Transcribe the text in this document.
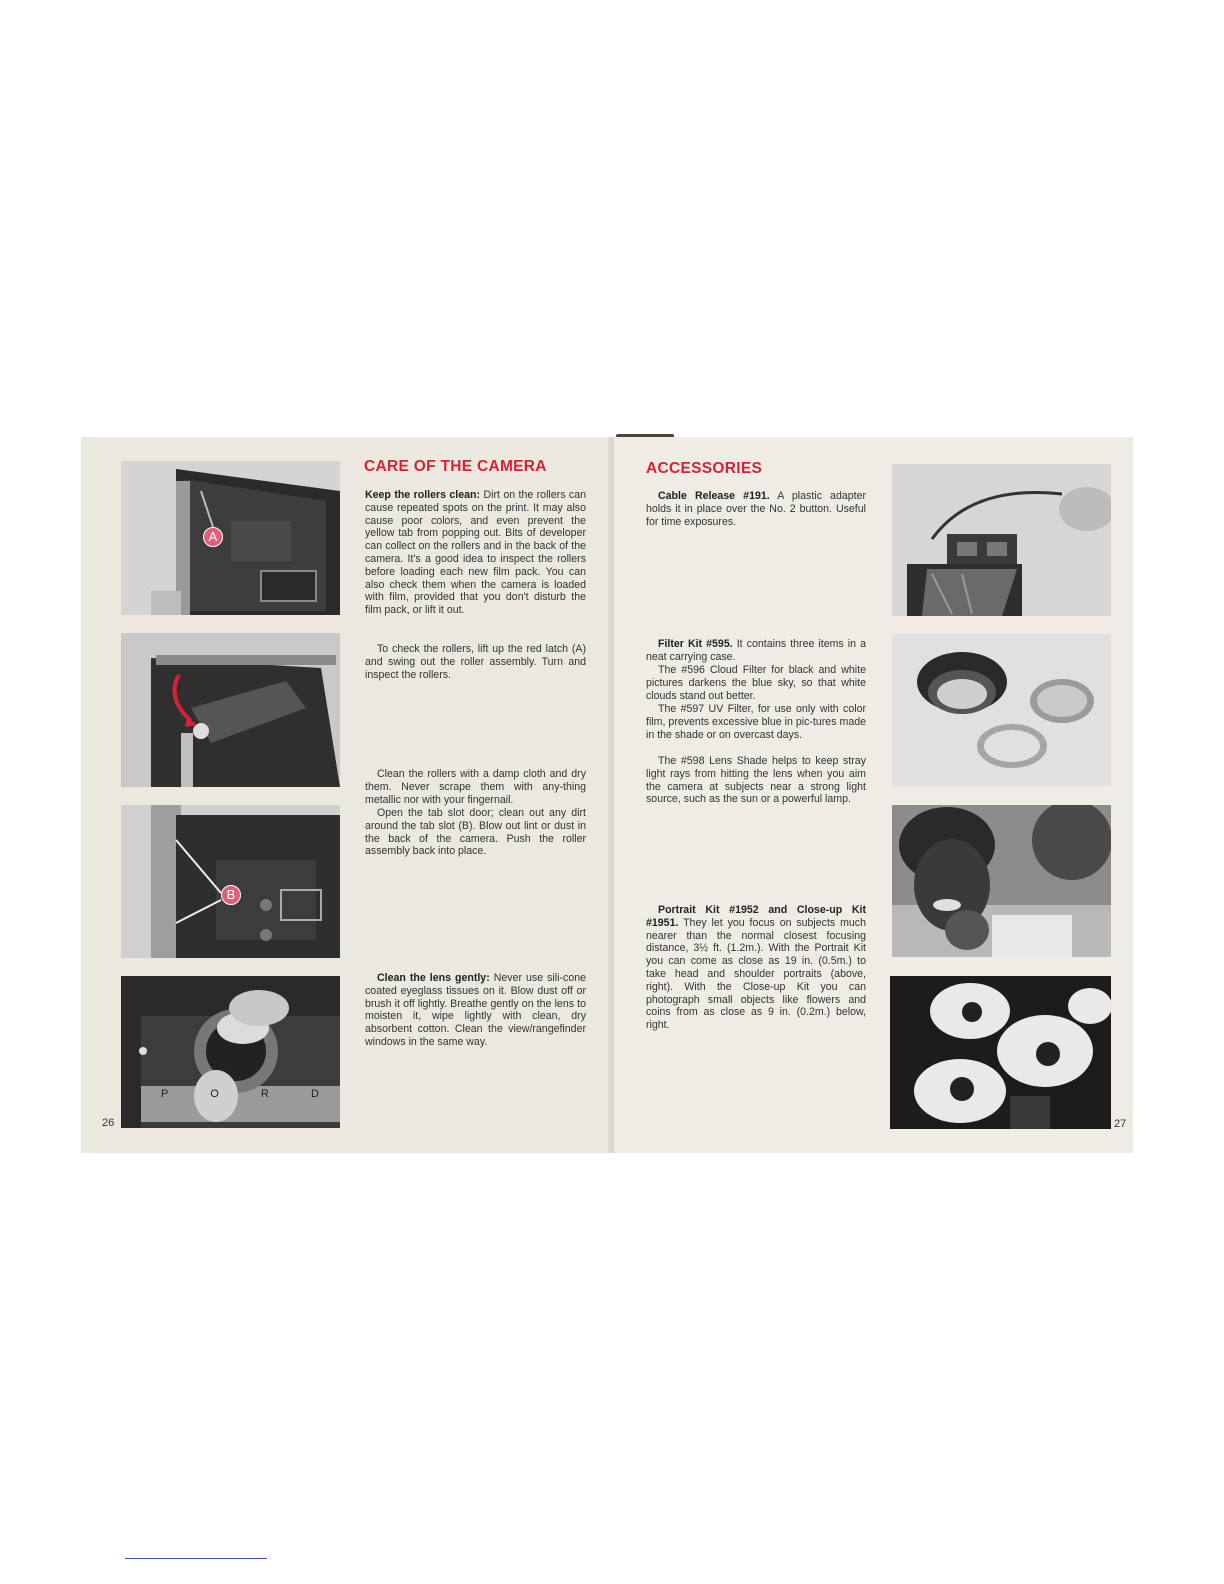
A
B
P  O  R  D
CARE OF THE CAMERA

Keep the rollers clean: Dirt on the rollers can cause repeated spots on the print. It may also cause poor colors, and even prevent the yellow tab from popping out. Bits of developer can collect on the rollers and in the back of the camera. It's a good idea to inspect the rollers before loading each new film pack. You can also check them when the camera is loaded with film, provided that you don't disturb the film pack, or lift it out.

To check the rollers, lift up the red latch (A) and swing out the roller assembly. Turn and inspect the rollers.

Clean the rollers with a damp cloth and dry them. Never scrape them with any-thing metallic nor with your fingernail.

Open the tab slot door; clean out any dirt around the tab slot (B). Blow out lint or dust in the back of the camera. Push the roller assembly back into place.

Clean the lens gently: Never use sili-cone coated eyeglass tissues on it. Blow dust off or brush it off lightly. Breathe gently on the lens to moisten it, wipe lightly with clean, dry absorbent cotton. Clean the view/rangefinder windows in the same way.

26
ACCESSORIES

Cable Release #191. A plastic adapter holds it in place over the No. 2 button. Useful for time exposures.

Filter Kit #595. It contains three items in a neat carrying case.

The #596 Cloud Filter for black and white pictures darkens the blue sky, so that white clouds stand out better.

The #597 UV Filter, for use only with color film, prevents excessive blue in pic-tures made in the shade or on overcast days.

The #598 Lens Shade helps to keep stray light rays from hitting the lens when you aim the camera at subjects near a strong light source, such as the sun or a powerful lamp.

Portrait Kit #1952 and Close-up Kit #1951. They let you focus on subjects much nearer than the normal closest focusing distance, 3½ ft. (1.2m.). With the Portrait Kit you can come as close as 19 in. (0.5m.) to take head and shoulder portraits (above, right). With the Close-up Kit you can photograph small objects like flowers and coins from as close as 9 in. (0.2m.) below, right.

27
